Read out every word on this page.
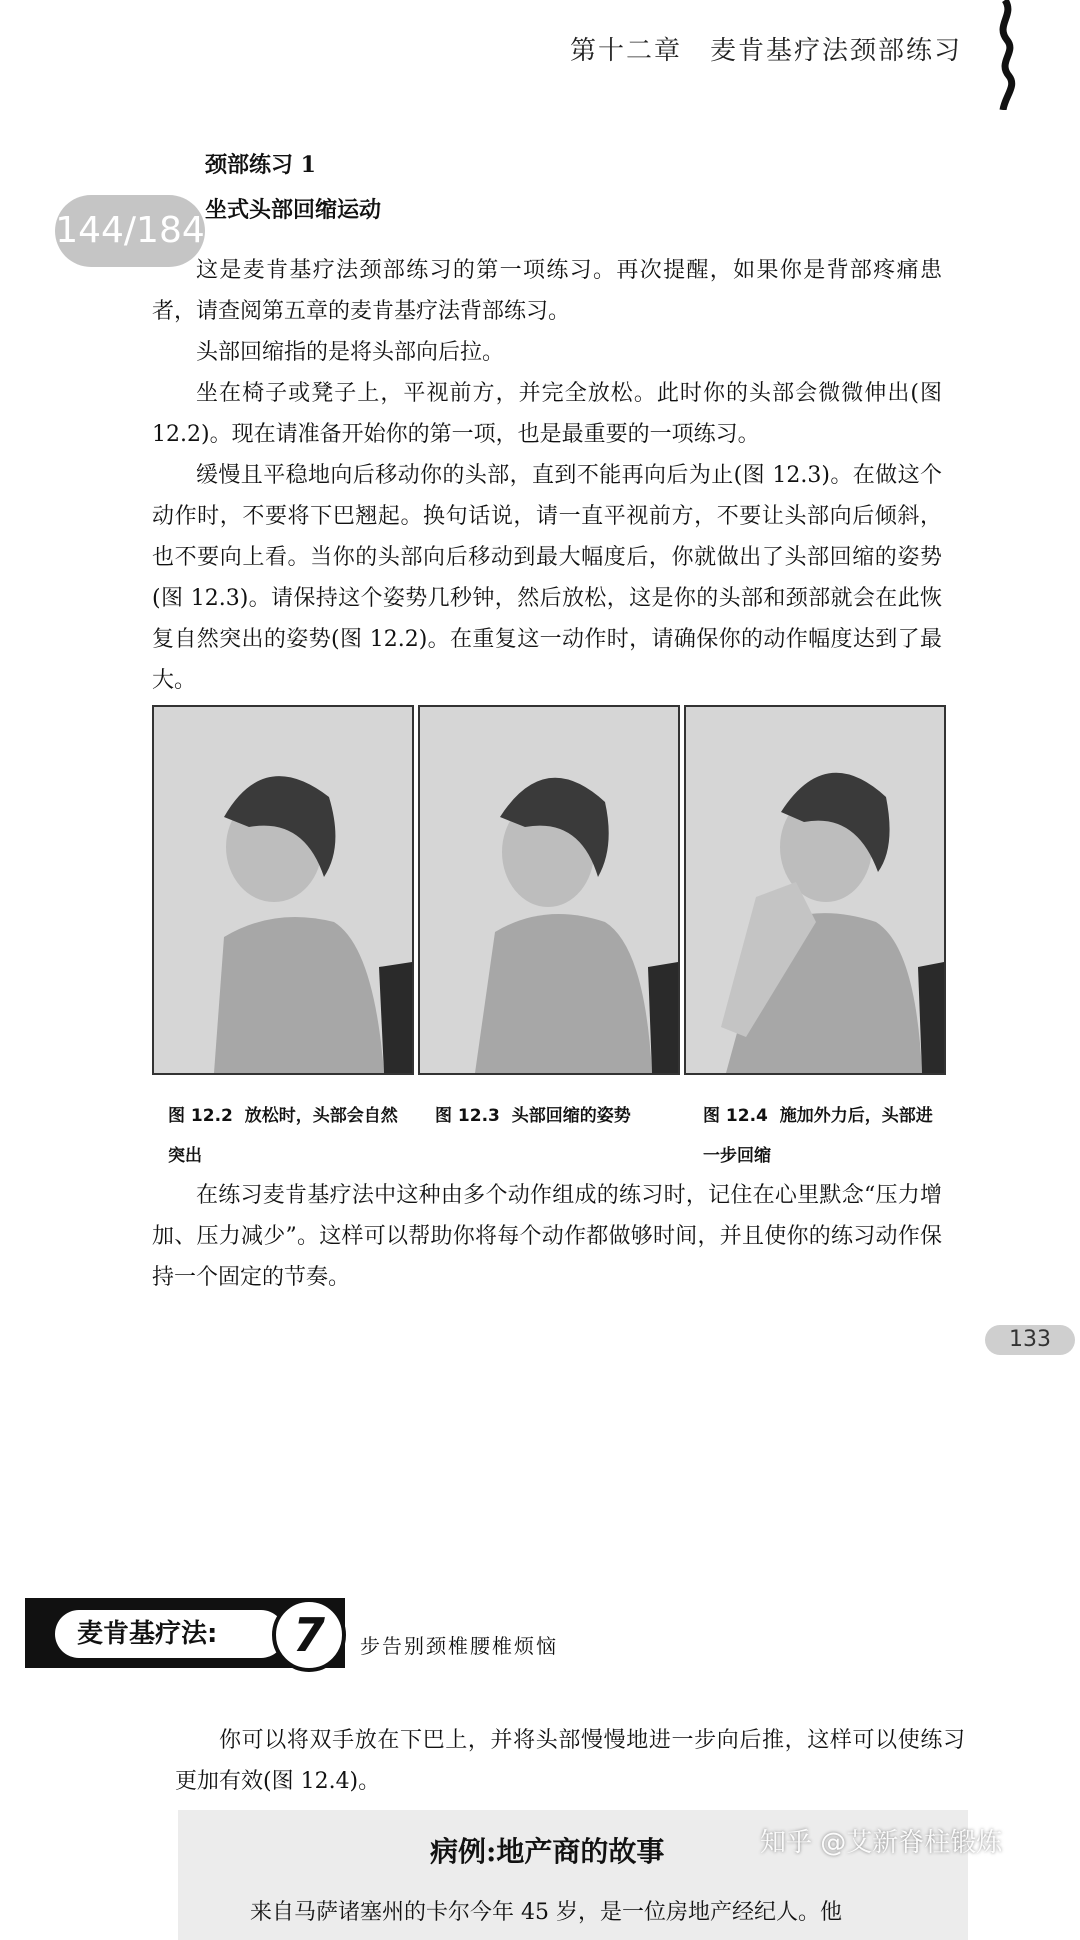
第十二章　麦肯基疗法颈部练习
144/184
颈部练习 1
坐式头部回缩运动

这是麦肯基疗法颈部练习的第一项练习。再次提醒，如果你是背部疼痛患者，请查阅第五章的麦肯基疗法背部练习。

头部回缩指的是将头部向后拉。

坐在椅子或凳子上，平视前方，并完全放松。此时你的头部会微微伸出(图 12.2)。现在请准备开始你的第一项，也是最重要的一项练习。

缓慢且平稳地向后移动你的头部，直到不能再向后为止(图 12.3)。在做这个动作时，不要将下巴翘起。换句话说，请一直平视前方，不要让头部向后倾斜，也不要向上看。当你的头部向后移动到最大幅度后，你就做出了头部回缩的姿势(图 12.3)。请保持这个姿势几秒钟，然后放松，这是你的头部和颈部就会在此恢复自然突出的姿势(图 12.2)。在重复这一动作时，请确保你的动作幅度达到了最大。

图 12.2 放松时，头部会自然突出
图 12.3 头部回缩的姿势	图 12.4 施加外力后，头部进一步回缩

在练习麦肯基疗法中这种由多个动作组成的练习时，记住在心里默念“压力增加、压力减少”。这样可以帮助你将每个动作都做够时间，并且使你的练习动作保持一个固定的节奏。

133
麦肯基疗法:	7	步告别颈椎腰椎烦恼

你可以将双手放在下巴上，并将头部慢慢地进一步向后推，这样可以使练习更加有效(图 12.4)。

病例:地产商的故事
来自马萨诸塞州的卡尔今年 45 岁，是一位房地产经纪人。他
知乎 @艾新脊柱锻炼
